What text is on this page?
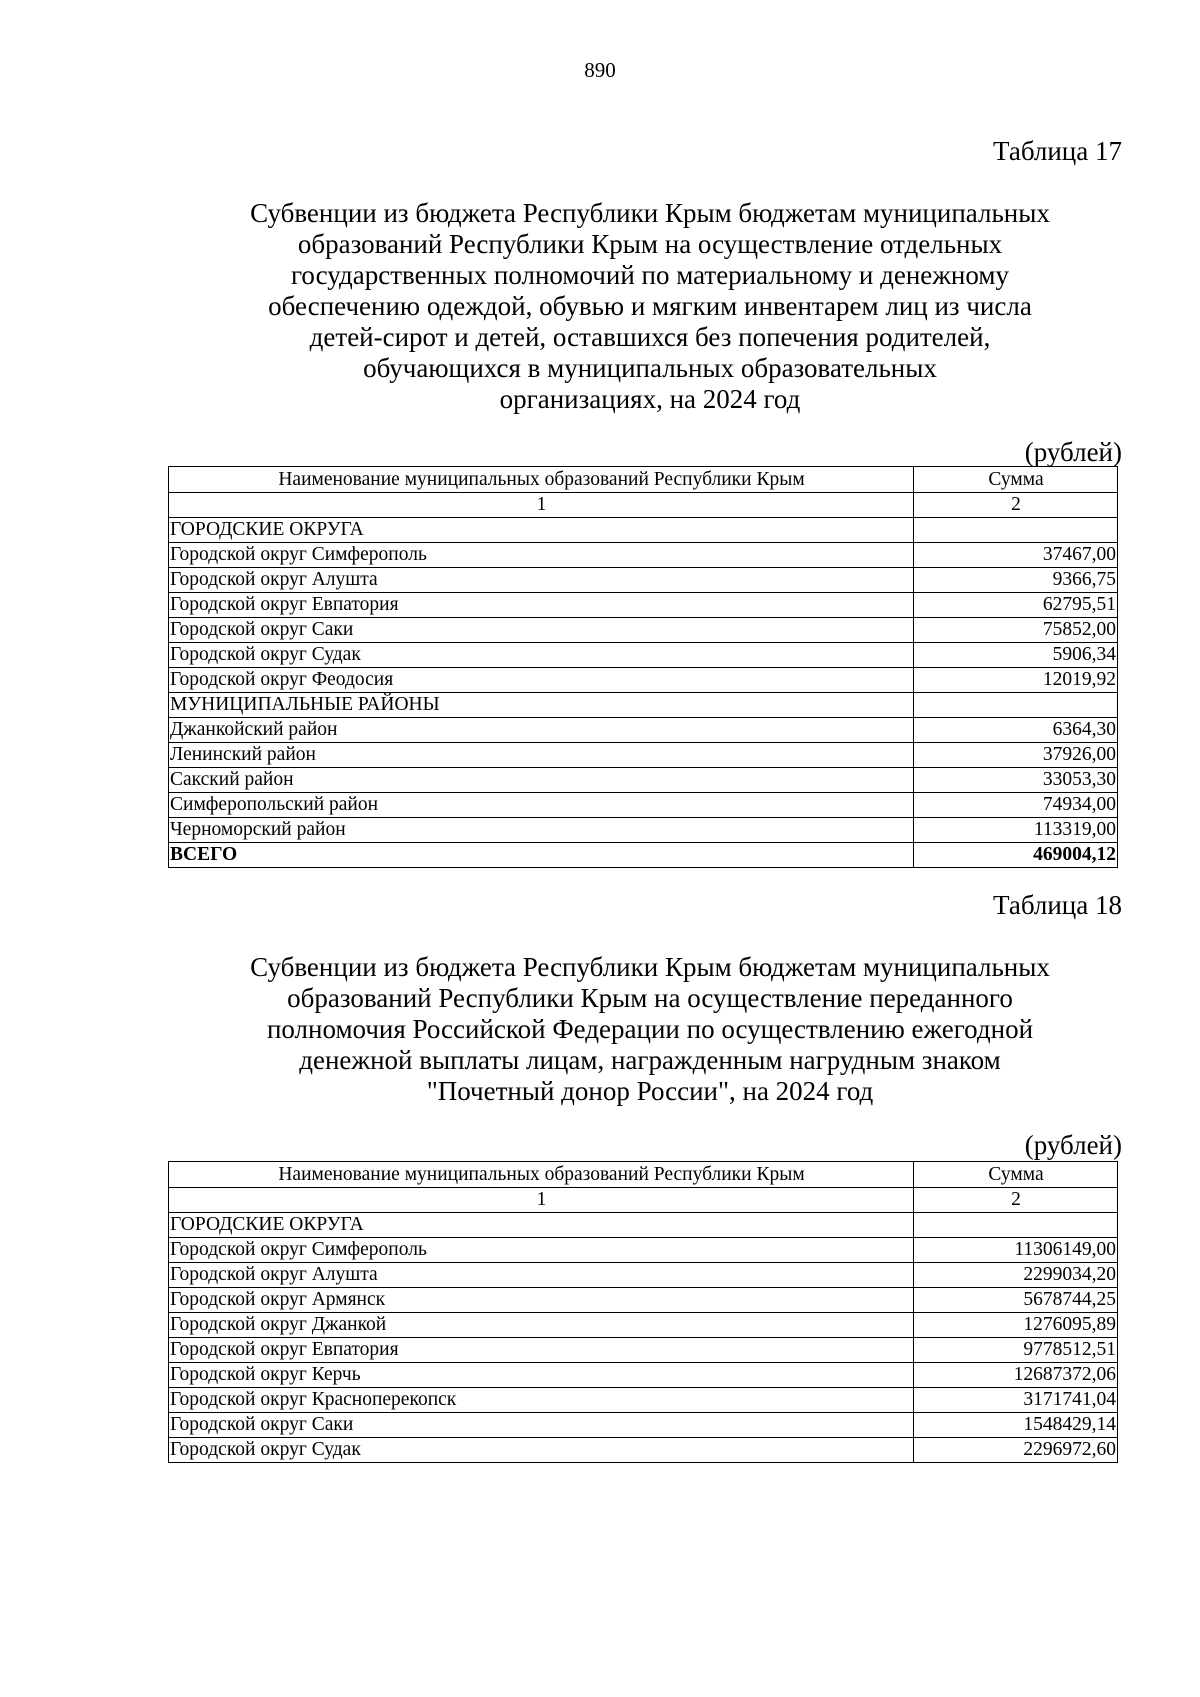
890
Таблица 17
Субвенции из бюджета Республики Крым бюджетам муниципальных
образований Республики Крым на осуществление отдельных
государственных полномочий по материальному и денежному
обеспечению одеждой, обувью и мягким инвентарем лиц из числа
детей-сирот и детей, оставшихся без попечения родителей,
обучающихся в муниципальных образовательных
организациях, на 2024 год
(рублей)
Наименование муниципальных образований Республики Крым	Сумма
1	2
ГОРОДСКИЕ ОКРУГА	
Городской округ Симферополь	37467,00
Городской округ Алушта	9366,75
Городской округ Евпатория	62795,51
Городской округ Саки	75852,00
Городской округ Судак	5906,34
Городской округ Феодосия	12019,92
МУНИЦИПАЛЬНЫЕ РАЙОНЫ	
Джанкойский район	6364,30
Ленинский район	37926,00
Сакский район	33053,30
Симферопольский район	74934,00
Черноморский район	113319,00
ВСЕГО	469004,12
Таблица 18
Субвенции из бюджета Республики Крым бюджетам муниципальных
образований Республики Крым на осуществление переданного
полномочия Российской Федерации по осуществлению ежегодной
денежной выплаты лицам, награжденным нагрудным знаком
"Почетный донор России", на 2024 год
(рублей)
Наименование муниципальных образований Республики Крым	Сумма
1	2
ГОРОДСКИЕ ОКРУГА	
Городской округ Симферополь	11306149,00
Городской округ Алушта	2299034,20
Городской округ Армянск	5678744,25
Городской округ Джанкой	1276095,89
Городской округ Евпатория	9778512,51
Городской округ Керчь	12687372,06
Городской округ Красноперекопск	3171741,04
Городской округ Саки	1548429,14
Городской округ Судак	2296972,60
